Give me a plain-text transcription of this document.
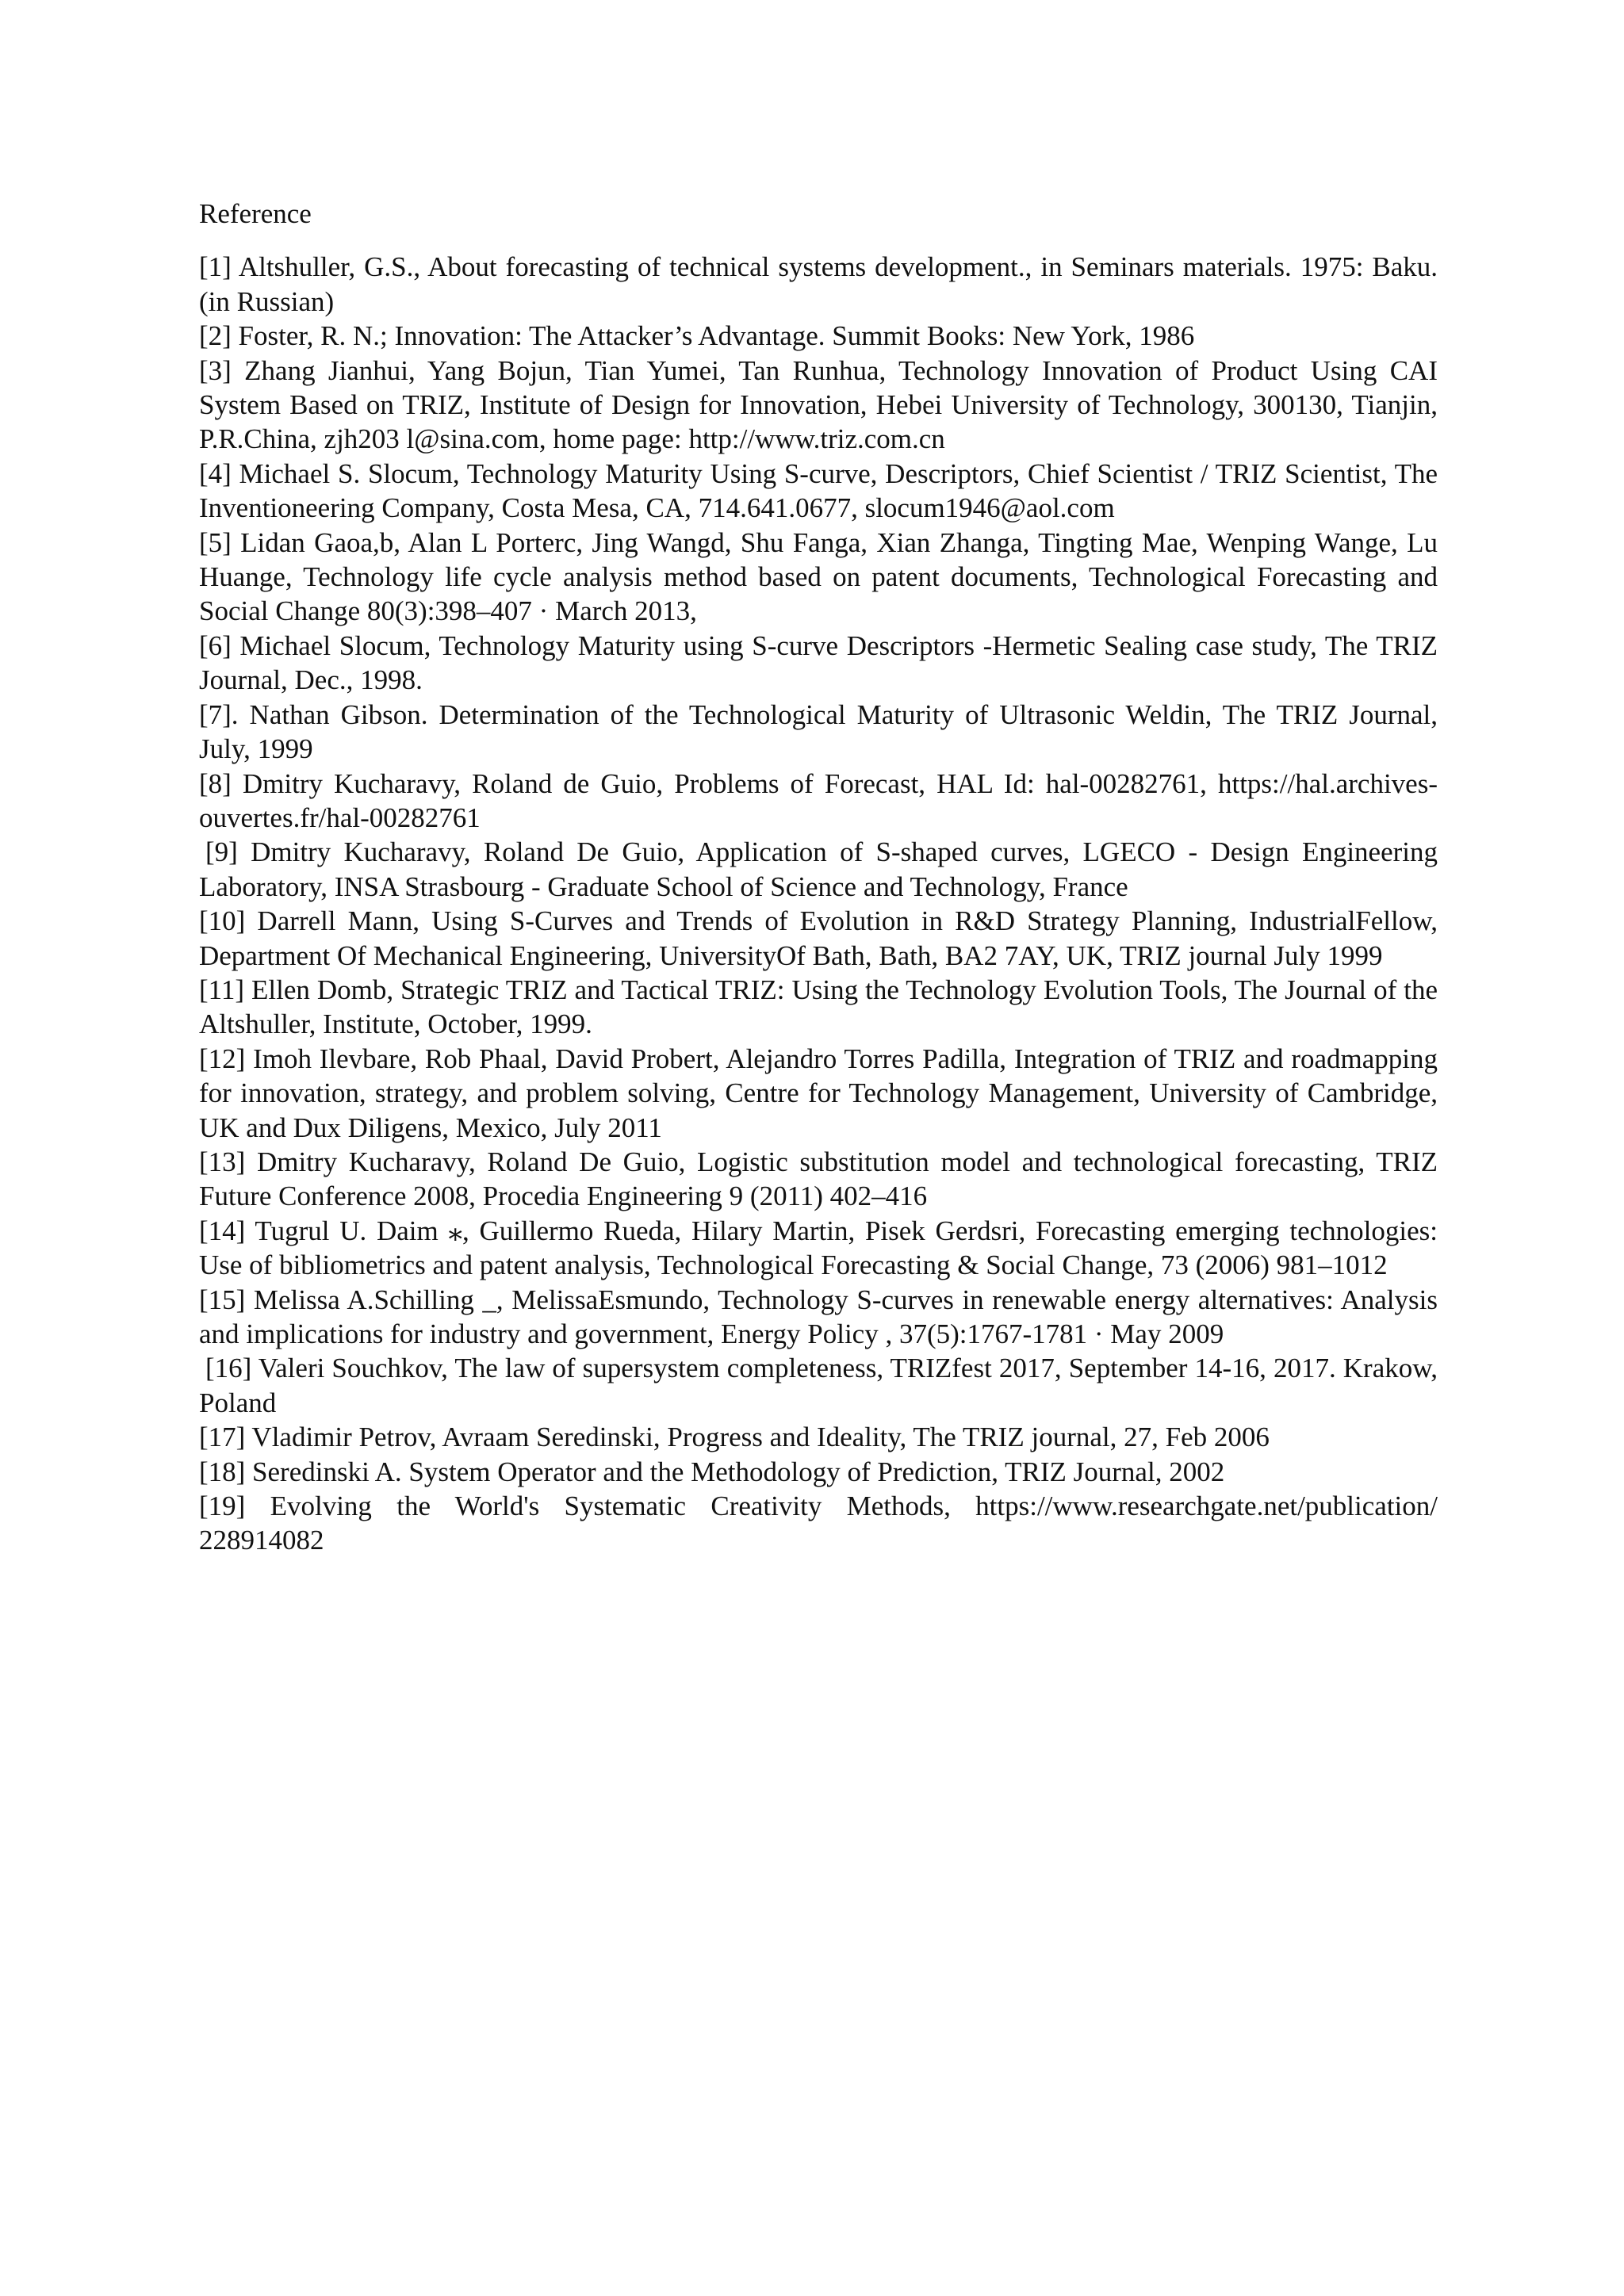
Reference
[1] Altshuller, G.S., About forecasting of technical systems development., in Seminars materials. 1975: Baku. (in Russian)
[2] Foster, R. N.; Innovation: The Attacker’s Advantage. Summit Books: New York, 1986
[3] Zhang Jianhui, Yang Bojun, Tian Yumei, Tan Runhua, Technology Innovation of Product Using CAI System Based on TRIZ, Institute of Design for Innovation, Hebei University of Technology, 300130, Tianjin, P.R.China, zjh203 l@sina.com, home page: http://www.triz.com.cn
[4] Michael S. Slocum, Technology Maturity Using S-curve, Descriptors, Chief Scientist / TRIZ Scientist, The Inventioneering Company, Costa Mesa, CA, 714.641.0677, slocum1946@aol.com
[5] Lidan Gaoa,b, Alan L Porterc, Jing Wangd, Shu Fanga, Xian Zhanga, Tingting Mae, Wenping Wange, Lu Huange, Technology life cycle analysis method based on patent documents, Technological Forecasting and Social Change 80(3):398–407 · March 2013,
[6] Michael Slocum, Technology Maturity using S-curve Descriptors -Hermetic Sealing case study, The TRIZ Journal, Dec., 1998.
[7]. Nathan Gibson. Determination of the Technological Maturity of Ultrasonic Weldin, The TRIZ Journal, July, 1999
[8] Dmitry Kucharavy, Roland de Guio, Problems of Forecast, HAL Id: hal-00282761, https://hal.archives-ouvertes.fr/hal-00282761
[9] Dmitry Kucharavy, Roland De Guio, Application of S-shaped curves, LGECO - Design Engineering Laboratory, INSA Strasbourg - Graduate School of Science and Technology, France
[10] Darrell Mann, Using S-Curves and Trends of Evolution in R&D Strategy Planning, IndustrialFellow, Department Of Mechanical Engineering, UniversityOf Bath, Bath, BA2 7AY, UK, TRIZ journal July 1999
[11] Ellen Domb, Strategic TRIZ and Tactical TRIZ: Using the Technology Evolution Tools, The Journal of the Altshuller, Institute, October, 1999.
[12] Imoh Ilevbare, Rob Phaal, David Probert, Alejandro Torres Padilla, Integration of TRIZ and roadmapping for innovation, strategy, and problem solving, Centre for Technology Management, University of Cambridge, UK and Dux Diligens, Mexico, July 2011
[13] Dmitry Kucharavy, Roland De Guio, Logistic substitution model and technological forecasting, TRIZ Future Conference 2008, Procedia Engineering 9 (2011) 402–416
[14] Tugrul U. Daim ⁎, Guillermo Rueda, Hilary Martin, Pisek Gerdsri, Forecasting emerging technologies: Use of bibliometrics and patent analysis, Technological Forecasting & Social Change, 73 (2006) 981–1012
[15] Melissa A.Schilling _, MelissaEsmundo, Technology S-curves in renewable energy alternatives: Analysis and implications for industry and government, Energy Policy , 37(5):1767-1781 · May 2009
[16] Valeri Souchkov, The law of supersystem completeness, TRIZfest 2017, September 14-16, 2017. Krakow, Poland
[17] Vladimir Petrov, Avraam Seredinski, Progress and Ideality, The TRIZ journal, 27, Feb 2006
[18] Seredinski A. System Operator and the Methodology of Prediction, TRIZ Journal, 2002
[19] Evolving the World's Systematic Creativity Methods, https://www.researchgate.net/publication/ 228914082
